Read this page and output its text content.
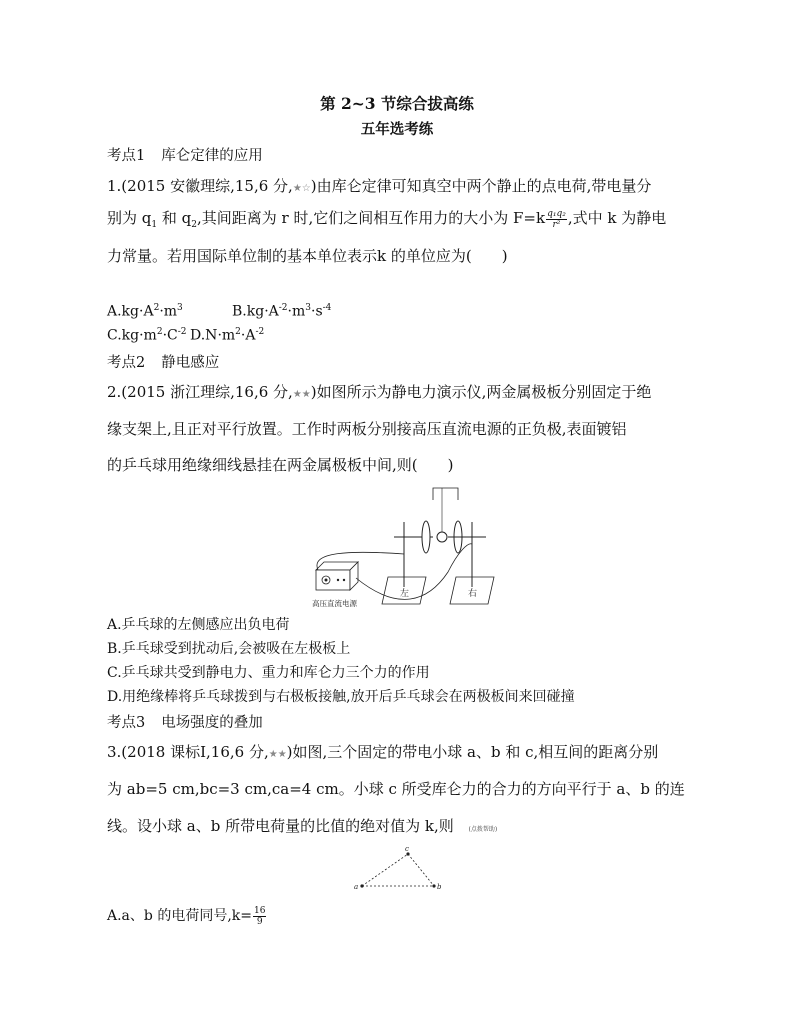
第 2~3 节综合拔高练
五年选考练
考点1 库仑定律的应用
1.(2015 安徽理综,15,6 分,★☆)由库仑定律可知真空中两个静止的点电荷,带电量分
别为 $q_1$ 和 $q_2$,其间距离为 r 时,它们之间相互作用力的大小为 $F=k \frac{\text{q₁q₂}}{\text{r²}}$ ,式中 k 为静电
力常量。若用国际单位制的基本单位表示k 的单位应为(　　)
$A.kg\cdot A^2\cdot m^3$	$B.kg\cdot A^{-2}\cdot m^3\cdot s^{-4}$
$C.kg\cdot m^2\cdot C^{-2}$ $D.N\cdot m^2\cdot A^{-2}$
考点2 静电感应
2.(2015 浙江理综,16,6 分,★★)如图所示为静电力演示仪,两金属极板分别固定于绝
缘支架上,且正对平行放置。工作时两板分别接高压直流电源的正负极,表面镀铝
的乒乓球用绝缘细线悬挂在两金属极板中间,则(　　)
左	右
高压直流电源
A.乒乓球的左侧感应出负电荷
B.乒乓球受到扰动后,会被吸在左极板上
C.乒乓球共受到静电力、重力和库仑力三个力的作用
D.用绝缘棒将乒乓球拨到与右极板接触,放开后乒乓球会在两极板间来回碰撞
考点3 电场强度的叠加
3.(2018 课标Ⅰ,16,6 分,★★)如图,三个固定的带电小球 a、b 和 c,相互间的距离分别
为 ab=5 cm,bc=3 cm,ca=4 cm。小球 c 所受库仑力的合力的方向平行于 a、b 的连
线。设小球 a、b 所带电荷量的比值的绝对值为 k,则 (点拨帮助)
a	b
c
A.a、b 的电荷同号$,k= \frac{16}{9}$
